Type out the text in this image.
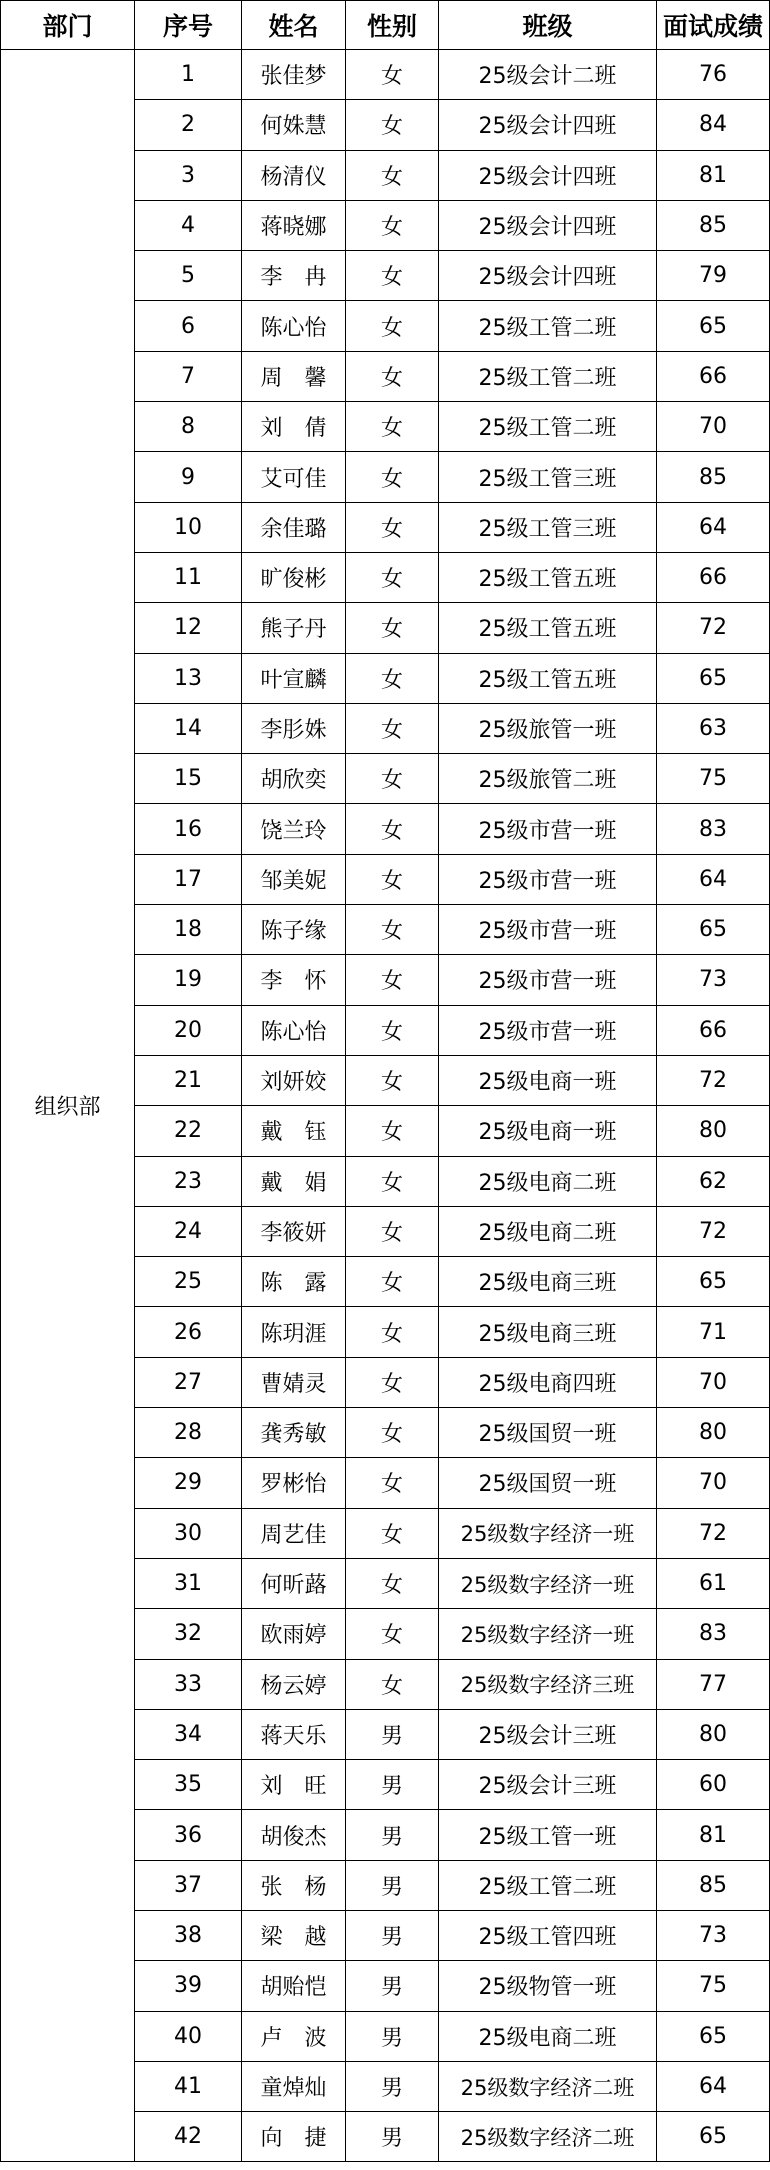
部门	序号	姓名	性别	班级	面试成绩
组织部	1	张佳梦	女	25级会计二班	76
	2	何姝慧	女	25级会计四班	84
	3	杨清仪	女	25级会计四班	81
	4	蒋晓娜	女	25级会计四班	85
	5	李　冉	女	25级会计四班	79
	6	陈心怡	女	25级工管二班	65
	7	周　馨	女	25级工管二班	66
	8	刘　倩	女	25级工管二班	70
	9	艾可佳	女	25级工管三班	85
	10	余佳璐	女	25级工管三班	64
	11	旷俊彬	女	25级工管五班	66
	12	熊子丹	女	25级工管五班	72
	13	叶宣麟	女	25级工管五班	65
	14	李肜姝	女	25级旅管一班	63
	15	胡欣奕	女	25级旅管二班	75
	16	饶兰玲	女	25级市营一班	83
	17	邹美妮	女	25级市营一班	64
	18	陈子缘	女	25级市营一班	65
	19	李　怀	女	25级市营一班	73
	20	陈心怡	女	25级市营一班	66
	21	刘妍姣	女	25级电商一班	72
	22	戴　钰	女	25级电商一班	80
	23	戴　娟	女	25级电商二班	62
	24	李筱妍	女	25级电商二班	72
	25	陈　露	女	25级电商三班	65
	26	陈玥涯	女	25级电商三班	71
	27	曹婧灵	女	25级电商四班	70
	28	龚秀敏	女	25级国贸一班	80
	29	罗彬怡	女	25级国贸一班	70
	30	周艺佳	女	25级数字经济一班	72
	31	何昕蕗	女	25级数字经济一班	61
	32	欧雨婷	女	25级数字经济一班	83
	33	杨云婷	女	25级数字经济三班	77
	34	蒋天乐	男	25级会计三班	80
	35	刘　旺	男	25级会计三班	60
	36	胡俊杰	男	25级工管一班	81
	37	张　杨	男	25级工管二班	85
	38	梁　越	男	25级工管四班	73
	39	胡贻恺	男	25级物管一班	75
	40	卢　波	男	25级电商二班	65
	41	童焯灿	男	25级数字经济二班	64
	42	向　捷	男	25级数字经济二班	65
